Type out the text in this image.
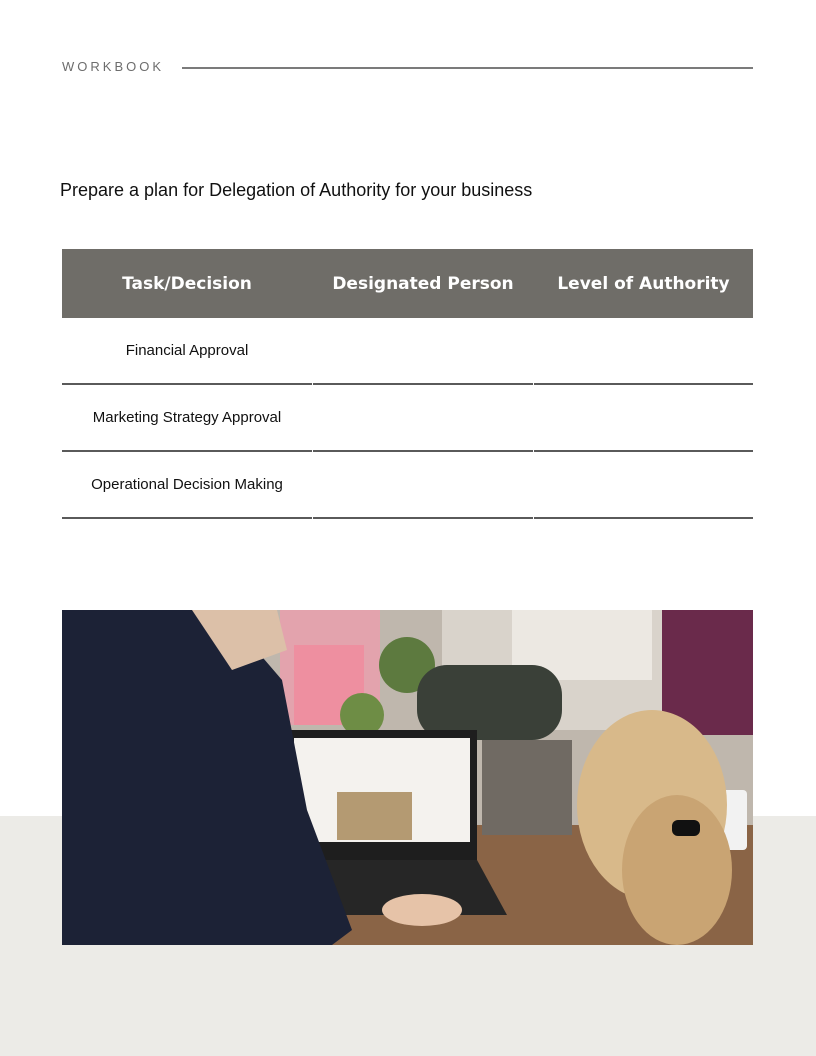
WORKBOOK
Prepare a plan for Delegation of Authority for your business
Task/Decision	Designated Person	Level of Authority
Financial Approval
Marketing Strategy Approval
Operational Decision Making
